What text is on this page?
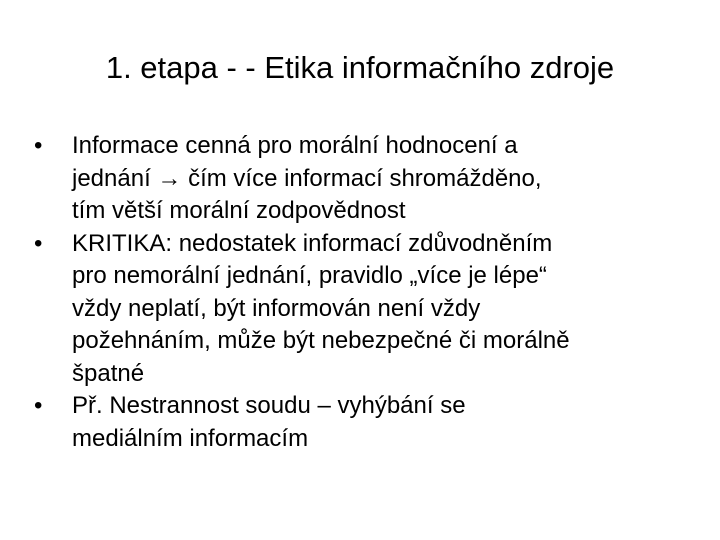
1. etapa - - Etika informačního zdroje
•	Informace cenná pro morální hodnocení a
jednání → čím více informací shromážděno,
tím větší morální zodpovědnost
•	KRITIKA: nedostatek informací zdůvodněním
pro nemorální jednání, pravidlo „více je lépe“
vždy neplatí, být informován není vždy
požehnáním, může být nebezpečné či morálně
špatné
•	Př. Nestrannost soudu – vyhýbání se
mediálním informacím
